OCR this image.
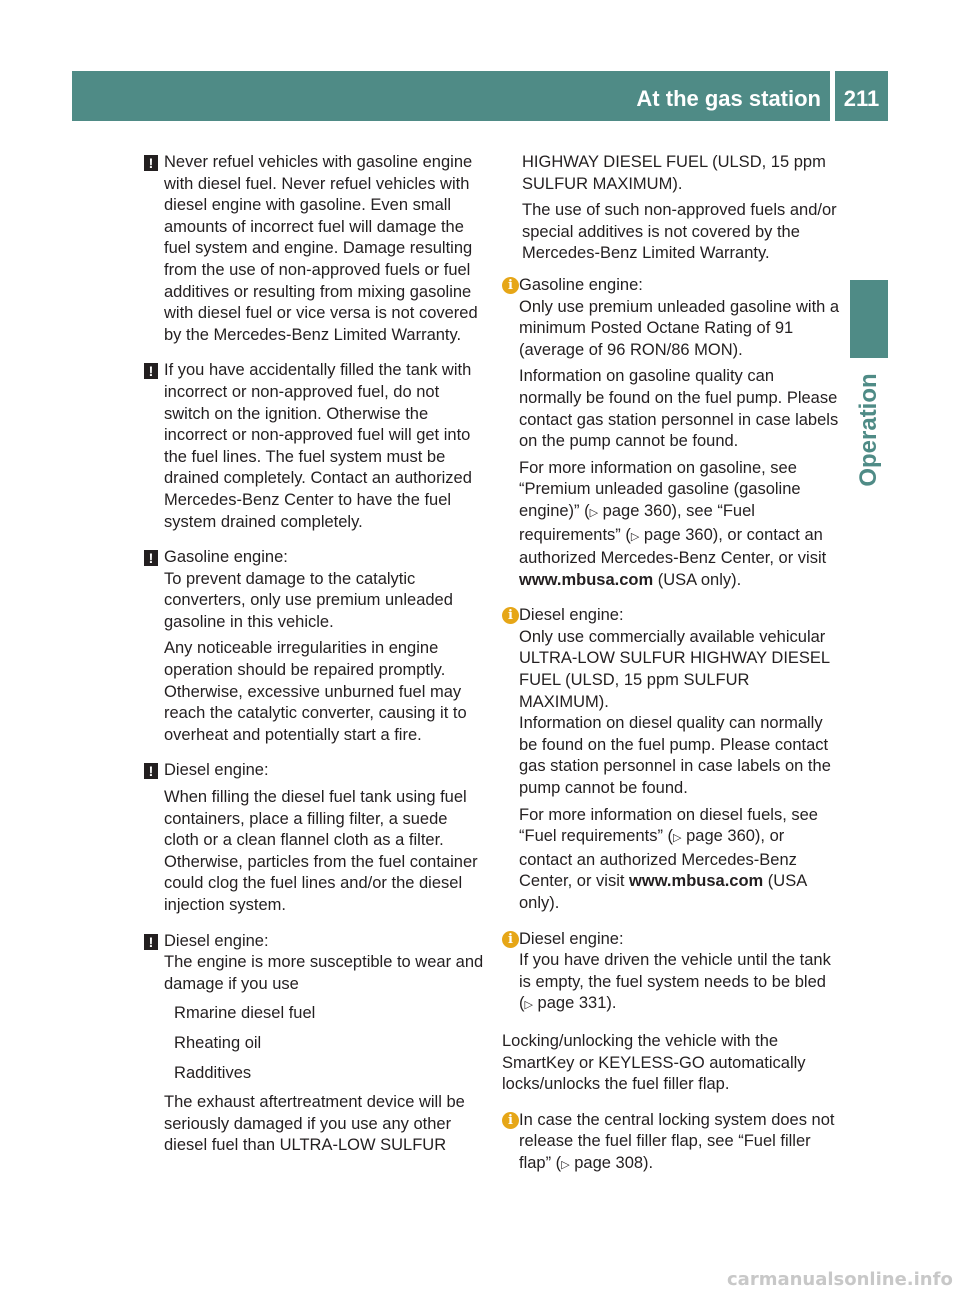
At the gas station	211
Operation
! Never refuel vehicles with gasoline engine with diesel fuel. Never refuel vehicles with diesel engine with gasoline. Even small amounts of incorrect fuel will damage the fuel system and engine. Damage resulting from the use of non-approved fuels or fuel additives or resulting from mixing gasoline with diesel fuel or vice versa is not covered by the Mercedes-Benz Limited Warranty.

! If you have accidentally filled the tank with incorrect or non-approved fuel, do not switch on the ignition. Otherwise the incorrect or non-approved fuel will get into the fuel lines. The fuel system must be drained completely. Contact an authorized Mercedes-Benz Center to have the fuel system drained completely.

! Gasoline engine:

To prevent damage to the catalytic converters, only use premium unleaded gasoline in this vehicle.

Any noticeable irregularities in engine operation should be repaired promptly. Otherwise, excessive unburned fuel may reach the catalytic converter, causing it to overheat and potentially start a fire.

! Diesel engine:

When filling the diesel fuel tank using fuel containers, place a filling filter, a suede cloth or a clean flannel cloth as a filter. Otherwise, particles from the fuel container could clog the fuel lines and/or the diesel injection system.

! Diesel engine:

The engine is more susceptible to wear and damage if you use

Rmarine diesel fuel
Rheating oil
Radditives

The exhaust aftertreatment device will be seriously damaged if you use any other diesel fuel than ULTRA-LOW SULFUR

HIGHWAY DIESEL FUEL (ULSD, 15 ppm SULFUR MAXIMUM).

The use of such non-approved fuels and/or special additives is not covered by the Mercedes-Benz Limited Warranty.

i Gasoline engine:

Only use premium unleaded gasoline with a minimum Posted Octane Rating of 91 (average of 96 RON/86 MON).

Information on gasoline quality can normally be found on the fuel pump. Please contact gas station personnel in case labels on the pump cannot be found.

For more information on gasoline, see “Premium unleaded gasoline (gasoline engine)” (▷ page 360), see “Fuel requirements” (▷ page 360), or contact an authorized Mercedes-Benz Center, or visit www.mbusa.com (USA only).

i Diesel engine:

Only use commercially available vehicular ULTRA-LOW SULFUR HIGHWAY DIESEL FUEL (ULSD, 15 ppm SULFUR MAXIMUM).

Information on diesel quality can normally be found on the fuel pump. Please contact gas station personnel in case labels on the pump cannot be found.

For more information on diesel fuels, see “Fuel requirements” (▷ page 360), or contact an authorized Mercedes-Benz Center, or visit www.mbusa.com (USA only).

i Diesel engine:

If you have driven the vehicle until the tank is empty, the fuel system needs to be bled (▷ page 331).

Locking/unlocking the vehicle with the SmartKey or KEYLESS-GO automatically locks/unlocks the fuel filler flap.

i In case the central locking system does not release the fuel filler flap, see “Fuel filler flap” (▷ page 308).

carmanualsonline.info
